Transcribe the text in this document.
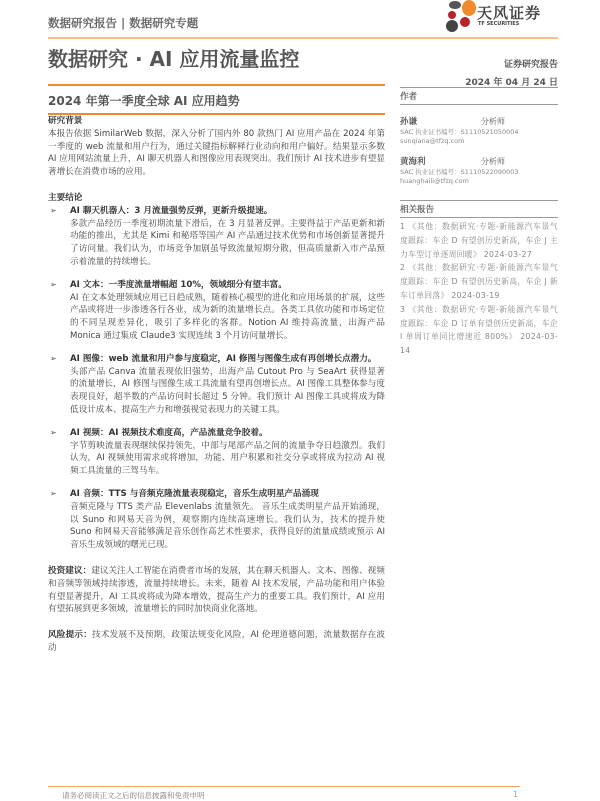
数据研究报告 | 数据研究专题
天风证券
TF SECURITIES
数据研究 · AI 应用流量监控
2024 年第一季度全球 AI 应用趋势
证券研究报告
2024 年 04 月 24 日
作者
孙谦	分析师
SAC 执业证书编号：S1110521050004
sunqiana@tfzq.com
黄海利	分析师
SAC 执业证书编号：S1110522090003
huanghaili@tfzq.com
相关报告
1 《其他：数据研究·专题-新能源汽车景气度跟踪：车企 D 有望创历史新高，车企 J 主力车型订单逐周回暖》 2024-03-27
2 《其他：数据研究·专题-新能源汽车景气度跟踪：车企 D 有望创历史新高，车企 J 新车订单回落》 2024-03-19
3 《其他：数据研究·专题-新能源汽车景气度跟踪：车企 D 订单有望创历史新高，车企 I 单周订单同比增速近 800%》 2024-03-14
研究背景

本报告依据 SimilarWeb 数据，深入分析了国内外 80 款热门 AI 应用产品在 2024 年第一季度的 web 流量和用户行为，通过关键指标解释行业动向和用户偏好。结果显示多数 AI 应用网站流量上升，AI 聊天机器人和图像应用表现突出。我们预计 AI 技术进步有望显著增长在消费市场的应用。

主要结论
➢ AI 聊天机器人：3 月流量强势反弹，更新升级提速。

多款产品经历一季度初期流量下滑后，在 3 月显著反弹。主要得益于产品更新和新功能的推出，尤其是 Kimi 和秘塔等国产 AI 产品通过技术优势和市场创新显著提升了访问量。我们认为，市场竞争加剧虽导致流量短期分散，但高质量新入市产品预示着流量的持续增长。

➢ AI 文本：一季度流量增幅超 10%，领域细分有望丰富。

AI 在文本处理领域应用已日趋成熟，随着核心模型的进化和应用场景的扩展，这些产品或将进一步渗透各行各业，成为新的流量增长点。各类工具依功能和市场定位的不同呈现差异化，吸引了多样化的客群。Notion AI 维持高流量，出海产品 Monica 通过集成 Claude3 实现连续 3 个月访问量增长。

➢ AI 图像：web 流量和用户参与度稳定，AI 修图与图像生成有再创增长点潜力。

头部产品 Canva 流量表现依旧强势，出海产品 Cutout Pro 与 SeaArt 获得显著的流量增长，AI 修图与图像生成工具流量有望再创增长点。AI 图像工具整体参与度表现良好，超半数的产品访问时长超过 5 分钟。我们预计 AI 图像工具或将成为降低设计成本、提高生产力和增强视觉表现力的关键工具。

➢ AI 视频：AI 视频技术难度高，产品流量竞争胶着。

字节剪映流量表现继续保持领先，中部与尾部产品之间的流量争夺日趋激烈。我们认为，AI 视频使用需求或将增加，功能、用户积累和社交分享或将成为拉动 AI 视频工具流量的三驾马车。

➢ AI 音频：TTS 与音频克隆流量表现稳定，音乐生成明星产品涌现

音频克隆与 TTS 类产品 Elevenlabs 流量领先。 音乐生成类明星产品开始涌现，以 Suno 和网易天音为例，观察期内连续高速增长。我们认为，技术的提升使 Suno 和网易天音能够满足音乐创作高艺术性要求，获得良好的流量成绩或预示 AI 音乐生成领域的曙光已现。

投资建议：建议关注人工智能在消费者市场的发展，其在聊天机器人、文本、图像、视频和音频等领域持续渗透，流量持续增长。未来，随着 AI 技术发展，产品功能和用户体验有望显著提升，AI 工具或将成为降本增效，提高生产力的重要工具。我们预计，AI 应用有望拓展到更多领域，流量增长的同时加快商业化落地。

风险提示：技术发展不及预期，政策法规变化风险，AI 伦理道德问题，流量数据存在波动

请务必阅读正文之后的信息披露和免责申明	1
